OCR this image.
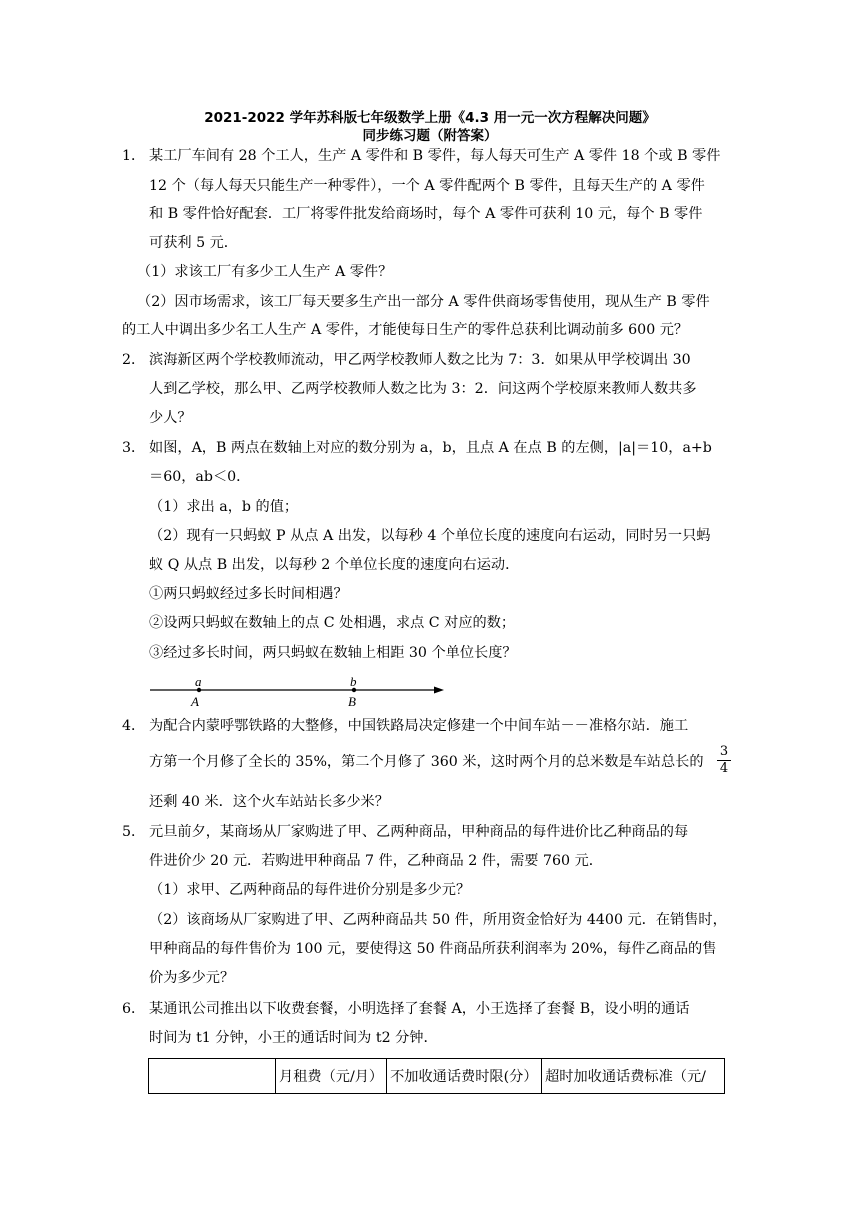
2021-2022 学年苏科版七年级数学上册《4.3 用一元一次方程解决问题》
同步练习题（附答案）
1． 某工厂车间有 28 个工人，生产 A 零件和 B 零件，每人每天可生产 A 零件 18 个或 B 零件
12 个（每人每天只能生产一种零件），一个 A 零件配两个 B 零件，且每天生产的 A 零件
和 B 零件恰好配套．工厂将零件批发给商场时，每个 A 零件可获利 10 元，每个 B 零件
可获利 5 元．
（1）求该工厂有多少工人生产 A 零件？
（2）因市场需求，该工厂每天要多生产出一部分 A 零件供商场零售使用，现从生产 B 零件
的工人中调出多少名工人生产 A 零件，才能使每日生产的零件总获利比调动前多 600 元？
2． 滨海新区两个学校教师流动，甲乙两学校教师人数之比为 7：3．如果从甲学校调出 30
人到乙学校，那么甲、乙两学校教师人数之比为 3：2．问这两个学校原来教师人数共多
少人？
3． 如图，A，B 两点在数轴上对应的数分别为 a，b，且点 A 在点 B 的左侧，|a|＝10，a+b
＝60，ab＜0．
（1）求出 a，b 的值；
（2）现有一只蚂蚁 P 从点 A 出发，以每秒 4 个单位长度的速度向右运动，同时另一只蚂
蚁 Q 从点 B 出发，以每秒 2 个单位长度的速度向右运动．
①两只蚂蚁经过多长时间相遇？
②设两只蚂蚁在数轴上的点 C 处相遇，求点 C 对应的数；
③经过多长时间，两只蚂蚁在数轴上相距 30 个单位长度？
a
A
b
B
4． 为配合内蒙呼鄂铁路的大整修，中国铁路局决定修建一个中间车站－－准格尔站．施工
方第一个月修了全长的 35%，第二个月修了 360 米，这时两个月的总米数是车站总长的
3
4
还剩 40 米．这个火车站站长多少米？
5． 元旦前夕，某商场从厂家购进了甲、乙两种商品，甲种商品的每件进价比乙种商品的每
件进价少 20 元．若购进甲种商品 7 件，乙种商品 2 件，需要 760 元．
（1）求甲、乙两种商品的每件进价分别是多少元？
（2）该商场从厂家购进了甲、乙两种商品共 50 件，所用资金恰好为 4400 元．在销售时，
甲种商品的每件售价为 100 元，要使得这 50 件商品所获利润率为 20%，每件乙商品的售
价为多少元？
6． 某通讯公司推出以下收费套餐，小明选择了套餐 A，小王选择了套餐 B，设小明的通话
时间为 t1 分钟，小王的通话时间为 t2 分钟．
	月租费（元/月）	不加收通话费时限(分）	超时加收通话费标准（元/
